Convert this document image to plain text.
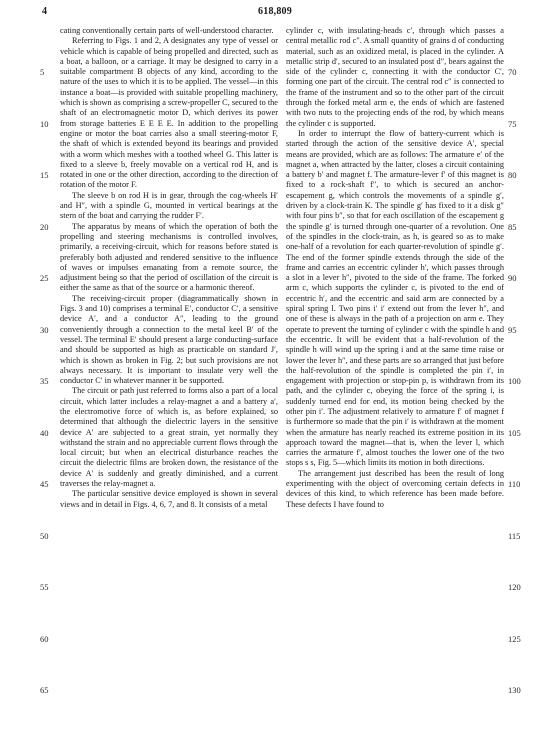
4	618,809
5
10
15
20
25
30
35
40
45
50
55
60
65

cating conventionally certain parts of well-understood character.

Referring to Figs. 1 and 2, A designates any type of vessel or vehicle which is capable of being propelled and directed, such as a boat, a balloon, or a carriage. It may be designed to carry in a suitable compartment B objects of any kind, according to the nature of the uses to which it is to be applied. The vessel—in this instance a boat—is provided with suitable propelling machinery, which is shown as comprising a screw-propeller C, secured to the shaft of an electromagnetic motor D, which derives its power from storage batteries E E E E. In addition to the propelling engine or motor the boat carries also a small steering-motor F, the shaft of which is extended beyond its bearings and provided with a worm which meshes with a toothed wheel G. This latter is fixed to a sleeve b, freely movable on a vertical rod H, and is rotated in one or the other direction, according to the direction of rotation of the motor F.

The sleeve b on rod H is in gear, through the cog-wheels H′ and H″, with a spindle G, mounted in vertical bearings at the stern of the boat and carrying the rudder F′.

The apparatus by means of which the operation of both the propelling and steering mechanisms is controlled involves, primarily, a receiving-circuit, which for reasons before stated is preferably both adjusted and rendered sensitive to the influence of waves or impulses emanating from a remote source, the adjustment being so that the period of oscillation of the circuit is either the same as that of the source or a harmonic thereof.

The receiving-circuit proper (diagrammatically shown in Figs. 3 and 10) comprises a terminal E′, conductor C′, a sensitive device A′, and a conductor A″, leading to the ground conveniently through a connection to the metal keel B′ of the vessel. The terminal E′ should present a large conducting-surface and should be supported as high as practicable on standard J′, which is shown as broken in Fig. 2; but such provisions are not always necessary. It is important to insulate very well the conductor C′ in whatever manner it be supported.

The circuit or path just referred to forms also a part of a local circuit, which latter includes a relay-magnet a and a battery a′, the electromotive force of which is, as before explained, so determined that although the dielectric layers in the sensitive device A′ are subjected to a great strain, yet normally they withstand the strain and no appreciable current flows through the local circuit; but when an electrical disturbance reaches the circuit the dielectric films are broken down, the resistance of the device A′ is suddenly and greatly diminished, and a current traverses the relay-magnet a.

The particular sensitive device employed is shown in several views and in detail in Figs. 4, 6, 7, and 8. It consists of a metal

cylinder c, with insulating-heads c′, through which passes a central metallic rod c″. A small quantity of grains d of conducting material, such as an oxidized metal, is placed in the cylinder. A metallic strip d′, secured to an insulated post d″, bears against the side of the cylinder c, connecting it with the conductor C′, forming one part of the circuit. The central rod c″ is connected to the frame of the instrument and so to the other part of the circuit through the forked metal arm e, the ends of which are fastened with two nuts to the projecting ends of the rod, by which means the cylinder c is supported.

In order to interrupt the flow of battery-current which is started through the action of the sensitive device A′, special means are provided, which are as follows: The armature e′ of the magnet a, when attracted by the latter, closes a circuit containing a battery b′ and magnet f. The armature-lever f′ of this magnet is fixed to a rock-shaft f″, to which is secured an anchor-escapement g, which controls the movements of a spindle g′, driven by a clock-train K. The spindle g′ has fixed to it a disk g″ with four pins b″, so that for each oscillation of the escapement g the spindle g′ is turned through one-quarter of a revolution. One of the spindles in the clock-train, as h, is geared so as to make one-half of a revolution for each quarter-revolution of spindle g′. The end of the former spindle extends through the side of the frame and carries an eccentric cylinder h′, which passes through a slot in a lever h″, pivoted to the side of the frame. The forked arm c, which supports the cylinder c, is pivoted to the end of eccentric h′, and the eccentric and said arm are connected by a spiral spring l. Two pins i′ i′ extend out from the lever h″, and one of these is always in the path of a projection on arm e. They operate to prevent the turning of cylinder c with the spindle h and the eccentric. It will be evident that a half-revolution of the spindle h will wind up the spring i and at the same time raise or lower the lever h″, and these parts are so arranged that just before the half-revolution of the spindle is completed the pin i′, in engagement with projection or stop-pin p, is withdrawn from its path, and the cylinder c, obeying the force of the spring i, is suddenly turned end for end, its motion being checked by the other pin i′. The adjustment relatively to armature f′ of magnet f is furthermore so made that the pin i′ is withdrawn at the moment when the armature has nearly reached its extreme position in its approach toward the magnet—that is, when the lever l, which carries the armature f′, almost touches the lower one of the two stops s s, Fig. 5—which limits its motion in both directions.

The arrangement just described has been the result of long experimenting with the object of overcoming certain defects in devices of this kind, to which reference has been made before. These defects I have found to

70
75
80
85
90
95
100
105
110
115
120
125
130
